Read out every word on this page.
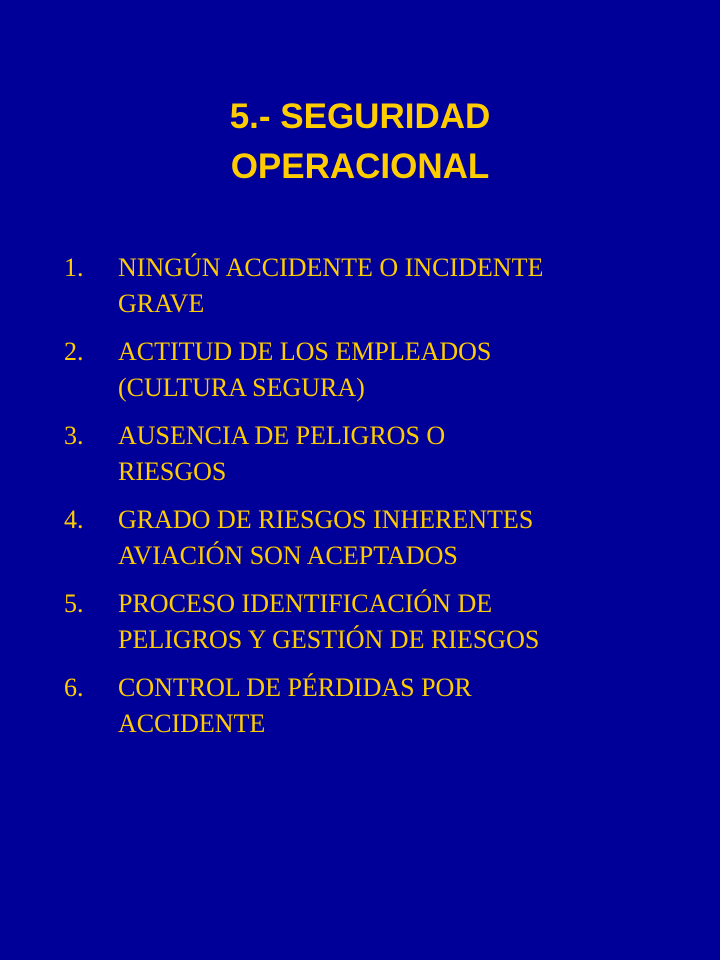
5.- SEGURIDAD
OPERACIONAL
1.	NINGÚN ACCIDENTE O INCIDENTE
GRAVE
2.	ACTITUD DE LOS EMPLEADOS
(CULTURA SEGURA)
3.	AUSENCIA DE PELIGROS O
RIESGOS
4.	GRADO DE RIESGOS INHERENTES
AVIACIÓN SON ACEPTADOS
5.	PROCESO IDENTIFICACIÓN DE
PELIGROS Y GESTIÓN DE RIESGOS
6.	CONTROL DE PÉRDIDAS POR
ACCIDENTE
